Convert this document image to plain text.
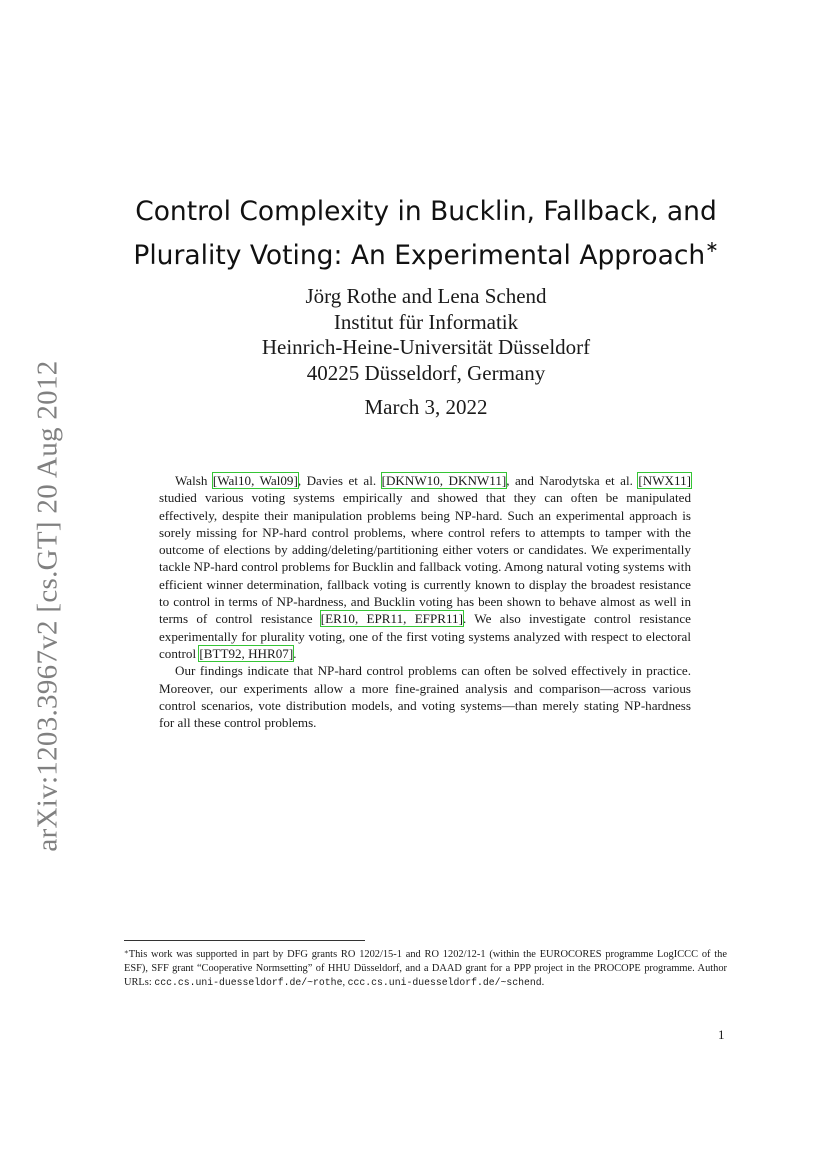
arXiv:1203.3967v2 [cs.GT] 20 Aug 2012
Control Complexity in Bucklin, Fallback, and
Plurality Voting: An Experimental Approach∗
Jörg Rothe and Lena Schend
Institut für Informatik
Heinrich-Heine-Universität Düsseldorf
40225 Düsseldorf, Germany
March 3, 2022

Walsh [Wal10, Wal09], Davies et al. [DKNW10, DKNW11], and Narodytska et al. [NWX11] studied various voting systems empirically and showed that they can often be manipulated effectively, despite their manipulation problems being NP-hard. Such an experimental approach is sorely missing for NP-hard control problems, where control refers to attempts to tamper with the outcome of elections by adding/deleting/partitioning either voters or candidates. We experimentally tackle NP-hard control problems for Bucklin and fallback voting. Among natural voting systems with efficient winner determination, fallback voting is currently known to display the broadest resistance to control in terms of NP-hardness, and Bucklin voting has been shown to behave almost as well in terms of control resistance [ER10, EPR11, EFPR11]. We also investigate control resistance experimentally for plurality voting, one of the first voting systems analyzed with respect to electoral control [BTT92, HHR07].

Our findings indicate that NP-hard control problems can often be solved effectively in practice. Moreover, our experiments allow a more fine-grained analysis and comparison—across various control scenarios, vote distribution models, and voting systems—than merely stating NP-hardness for all these control problems.

∗This work was supported in part by DFG grants RO 1202/15-1 and RO 1202/12-1 (within the EUROCORES programme LogICCC of the ESF), SFF grant “Cooperative Normsetting” of HHU Düsseldorf, and a DAAD grant for a PPP project in the PROCOPE programme. Author URLs: ccc.cs.uni-duesseldorf.de/~rothe, ccc.cs.uni-duesseldorf.de/~schend.
1
